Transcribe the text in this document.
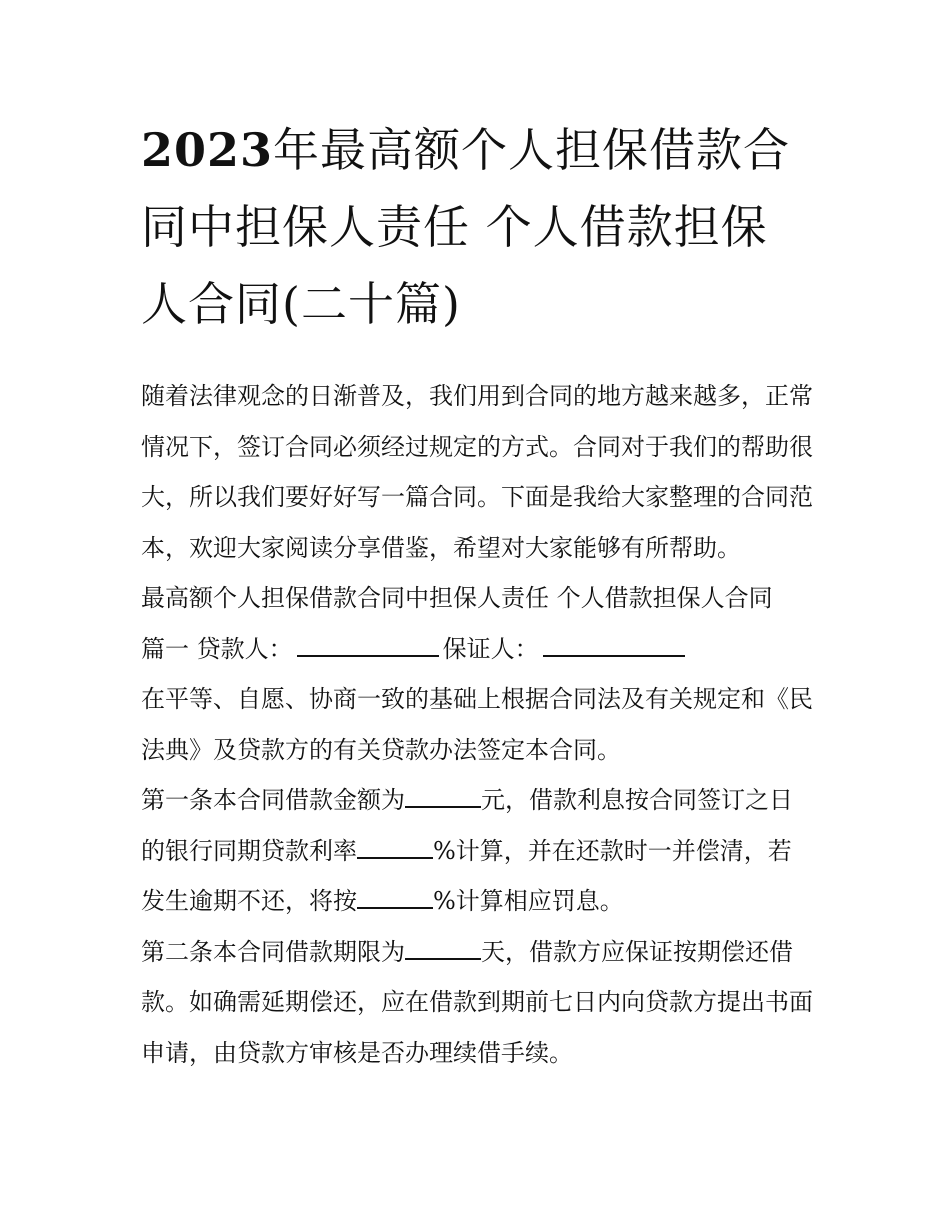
2023年最高额个人担保借款合同中担保人责任 个人借款担保人合同(二十篇)

随着法律观念的日渐普及，我们用到合同的地方越来越多，正常情况下，签订合同必须经过规定的方式。合同对于我们的帮助很大，所以我们要好好写一篇合同。下面是我给大家整理的合同范本，欢迎大家阅读分享借鉴，希望对大家能够有所帮助。

最高额个人担保借款合同中担保人责任 个人借款担保人合同

篇一 贷款人：	保证人：

在平等、自愿、协商一致的基础上根据合同法及有关规定和《民法典》及贷款方的有关贷款办法签定本合同。

第一条本合同借款金额为	元，借款利息按合同签订之日的银行同期贷款利率	%计算，并在还款时一并偿清，若发生逾期不还，将按	%计算相应罚息。

第二条本合同借款期限为	天，借款方应保证按期偿还借款。如确需延期偿还，应在借款到期前七日内向贷款方提出书面申请，由贷款方审核是否办理续借手续。
